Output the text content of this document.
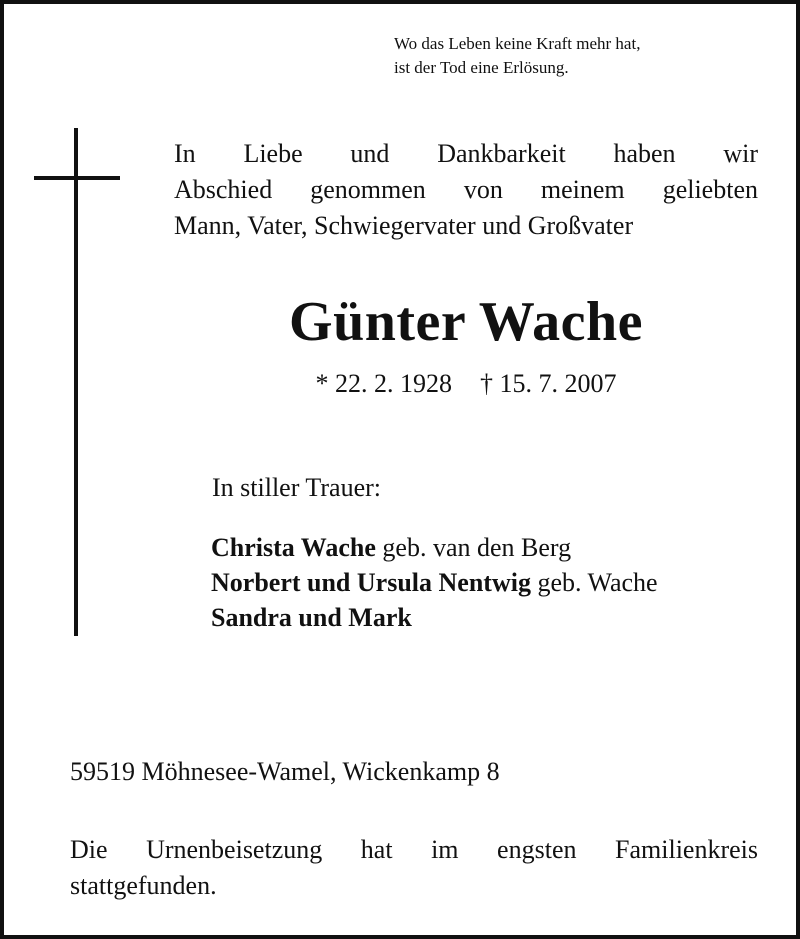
Wo das Leben keine Kraft mehr hat,
ist der Tod eine Erlösung.
In Liebe und Dankbarkeit haben wir
Abschied genommen von meinem geliebten
Mann, Vater, Schwiegervater und Großvater
Günter Wache
* 22. 2. 1928 † 15. 7. 2007
In stiller Trauer:
Christa Wache geb. van den Berg
Norbert und Ursula Nentwig geb. Wache
Sandra und Mark
59519 Möhnesee-Wamel, Wickenkamp 8
Die Urnenbeisetzung hat im engsten Familienkreis
stattgefunden.
